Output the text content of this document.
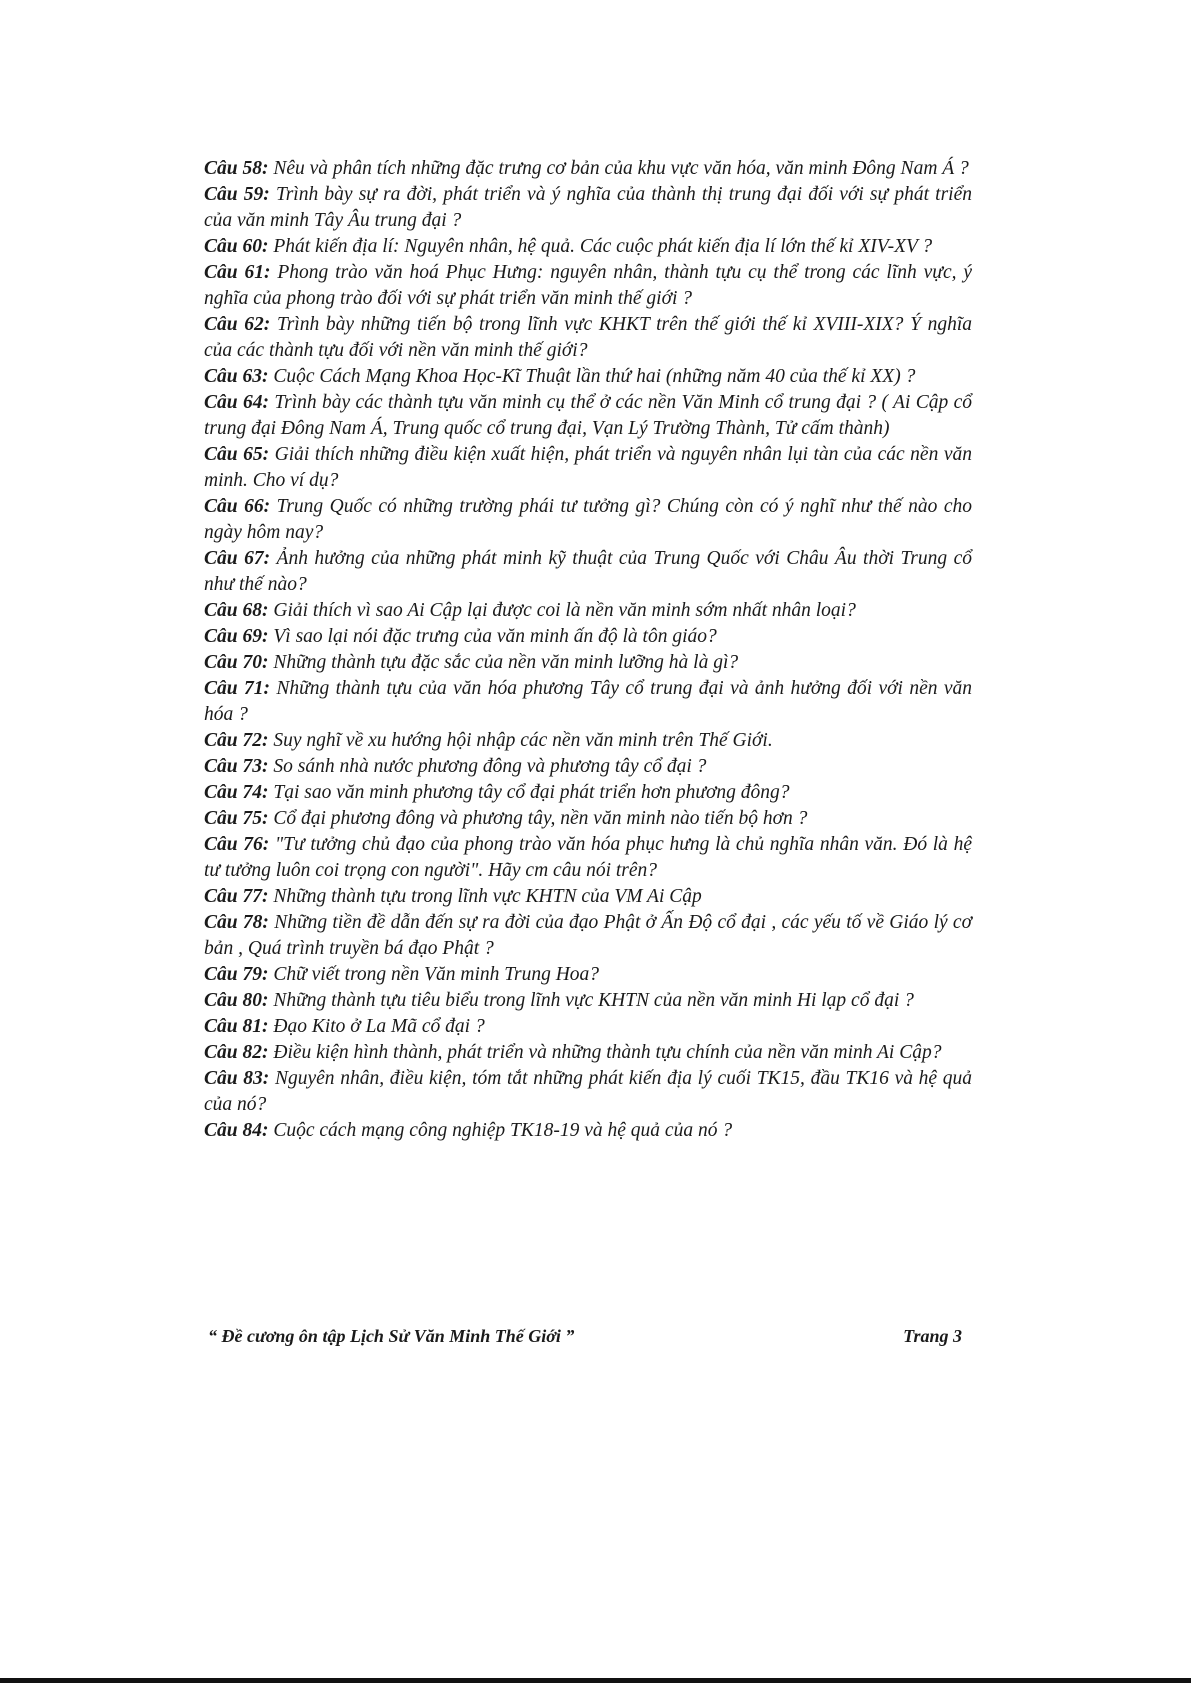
Câu 58: Nêu và phân tích những đặc trưng cơ bản của khu vực văn hóa, văn minh Đông Nam Á ?

Câu 59: Trình bày sự ra đời, phát triển và ý nghĩa của thành thị trung đại đối với sự phát triển của văn minh Tây Âu trung đại ?

Câu 60: Phát kiến địa lí: Nguyên nhân, hệ quả. Các cuộc phát kiến địa lí lớn thế kỉ XIV-XV ?

Câu 61: Phong trào văn hoá Phục Hưng: nguyên nhân, thành tựu cụ thể trong các lĩnh vực, ý nghĩa của phong trào đối với sự phát triển văn minh thế giới ?

Câu 62: Trình bày những tiến bộ trong lĩnh vực KHKT trên thế giới thế kỉ XVIII-XIX? Ý nghĩa của các thành tựu đối với nền văn minh thế giới?

Câu 63: Cuộc Cách Mạng Khoa Học-Kĩ Thuật lần thứ hai (những năm 40 của thế kỉ XX) ?

Câu 64: Trình bày các thành tựu văn minh cụ thể ở các nền Văn Minh cổ trung đại ? ( Ai Cập cổ trung đại Đông Nam Á, Trung quốc cổ trung đại, Vạn Lý Trường Thành, Tử cấm thành)

Câu 65: Giải thích những điều kiện xuất hiện, phát triển và nguyên nhân lụi tàn của các nền văn minh. Cho ví dụ?

Câu 66: Trung Quốc có những trường phái tư tưởng gì? Chúng còn có ý nghĩ như thế nào cho ngày hôm nay?

Câu 67: Ảnh hưởng của những phát minh kỹ thuật của Trung Quốc với Châu Âu thời Trung cổ như thế nào?

Câu 68: Giải thích vì sao Ai Cập lại được coi là nền văn minh sớm nhất nhân loại?

Câu 69: Vì sao lại nói đặc trưng của văn minh ấn độ là tôn giáo?

Câu 70: Những thành tựu đặc sắc của nền văn minh lưỡng hà là gì?

Câu 71: Những thành tựu của văn hóa phương Tây cổ trung đại và ảnh hưởng đối với nền văn hóa ?

Câu 72: Suy nghĩ về xu hướng hội nhập các nền văn minh trên Thế Giới.

Câu 73: So sánh nhà nước phương đông và phương tây cổ đại ?

Câu 74: Tại sao văn minh phương tây cổ đại phát triển hơn phương đông?

Câu 75: Cổ đại phương đông và phương tây, nền văn minh nào tiến bộ hơn ?

Câu 76: "Tư tưởng chủ đạo của phong trào văn hóa phục hưng là chủ nghĩa nhân văn. Đó là hệ tư tưởng luôn coi trọng con người". Hãy cm câu nói trên?

Câu 77: Những thành tựu trong lĩnh vực KHTN của VM Ai Cập

Câu 78: Những tiền đề dẫn đến sự ra đời của đạo Phật ở Ấn Độ cổ đại , các yếu tố về Giáo lý cơ bản , Quá trình truyền bá đạo Phật ?

Câu 79: Chữ viết trong nền Văn minh Trung Hoa?

Câu 80: Những thành tựu tiêu biểu trong lĩnh vực KHTN của nền văn minh Hi lạp cổ đại ?

Câu 81: Đạo Kito ở La Mã cổ đại ?

Câu 82: Điều kiện hình thành, phát triển và những thành tựu chính của nền văn minh Ai Cập?

Câu 83: Nguyên nhân, điều kiện, tóm tắt những phát kiến địa lý cuối TK15, đầu TK16 và hệ quả của nó?

Câu 84: Cuộc cách mạng công nghiệp TK18-19 và hệ quả của nó ?

“ Đề cương ôn tập Lịch Sử Văn Minh Thế Giới ”	Trang 3
